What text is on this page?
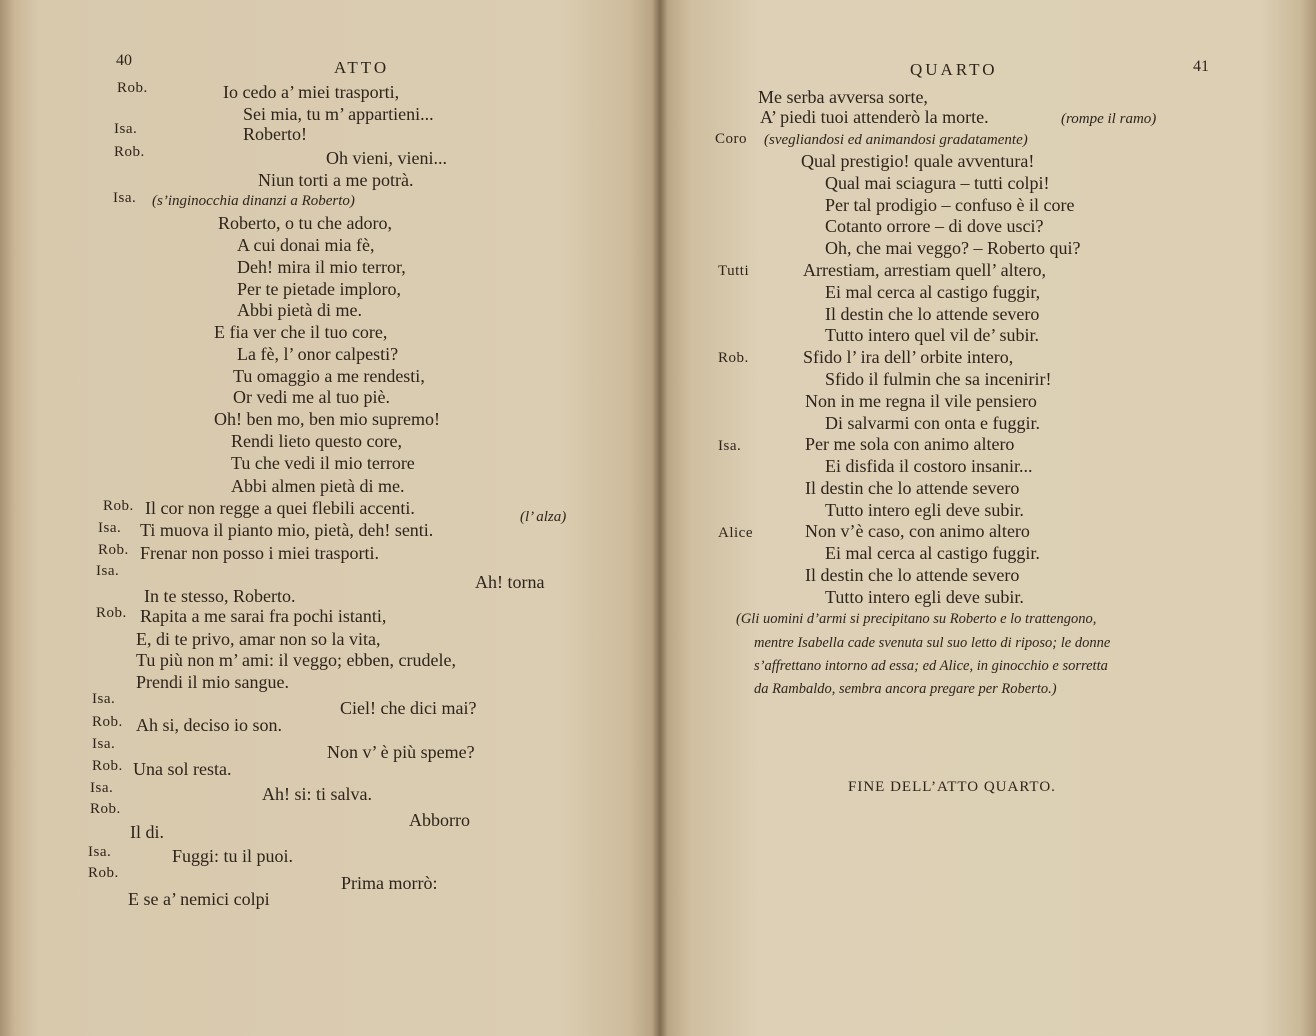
40	ATTO
Rob.	Io cedo a’ miei trasporti,
Sei mia, tu m’ appartieni...
Isa.	Roberto!
Rob.	Oh vieni, vieni...
Niun torti a me potrà.
Isa. (s’inginocchia dinanzi a Roberto)
Roberto, o tu che adoro,
A cui donai mia fè,
Deh! mira il mio terror,
Per te pietade imploro,
Abbi pietà di me.
E fia ver che il tuo core,
La fè, l’ onor calpesti?
Tu omaggio a me rendesti,
Or vedi me al tuo piè.
Oh! ben mo, ben mio supremo!
Rendi lieto questo core,
Tu che vedi il mio terrore
Abbi almen pietà di me.
Rob. Il cor non regge a quei flebili accenti.	(l’ alza)
Isa. Ti muova il pianto mio, pietà, deh! senti.
Rob. Frenar non posso i miei trasporti.
Isa.
Ah! torna
In te stesso, Roberto.
Rob. Rapita a me sarai fra pochi istanti,
E, di te privo, amar non so la vita,
Tu più non m’ ami: il veggo; ebben, crudele,
Prendi il mio sangue.
Isa.	Ciel! che dici mai?
Rob. Ah si, deciso io son.
Isa.	Non v’ è più speme?
Rob. Una sol resta.
Isa.	Ah! si: ti salva.
Rob.
Abborro
Il di.
Isa.	Fuggi: tu il puoi.
Rob.	Prima morrò:
E se a’ nemici colpi
QUARTO	41
Me serba avversa sorte,
A’ piedi tuoi attenderò la morte.	(rompe il ramo)
Coro (svegliandosi ed animandosi gradatamente)
Qual prestigio! quale avventura!
Qual mai sciagura – tutti colpi!
Per tal prodigio – confuso è il core
Cotanto orrore – di dove usci?
Oh, che mai veggo? – Roberto qui?
Tutti	Arrestiam, arrestiam quell’ altero,
Ei mal cerca al castigo fuggir,
Il destin che lo attende severo
Tutto intero quel vil de’ subir.
Rob.	Sfido l’ ira dell’ orbite intero,
Sfido il fulmin che sa incenirir!
Non in me regna il vile pensiero
Di salvarmi con onta e fuggir.
Isa.	Per me sola con animo altero
Ei disfida il costoro insanir...
Il destin che lo attende severo
Tutto intero egli deve subir.
Alice	Non v’è caso, con animo altero
Ei mal cerca al castigo fuggir.
Il destin che lo attende severo
Tutto intero egli deve subir.
(Gli uomini d’armi si precipitano su Roberto e lo trattengono,
mentre Isabella cade svenuta sul suo letto di riposo; le donne
s’affrettano intorno ad essa; ed Alice, in ginocchio e sorretta
da Rambaldo, sembra ancora pregare per Roberto.)
FINE DELL’ATTO QUARTO.
